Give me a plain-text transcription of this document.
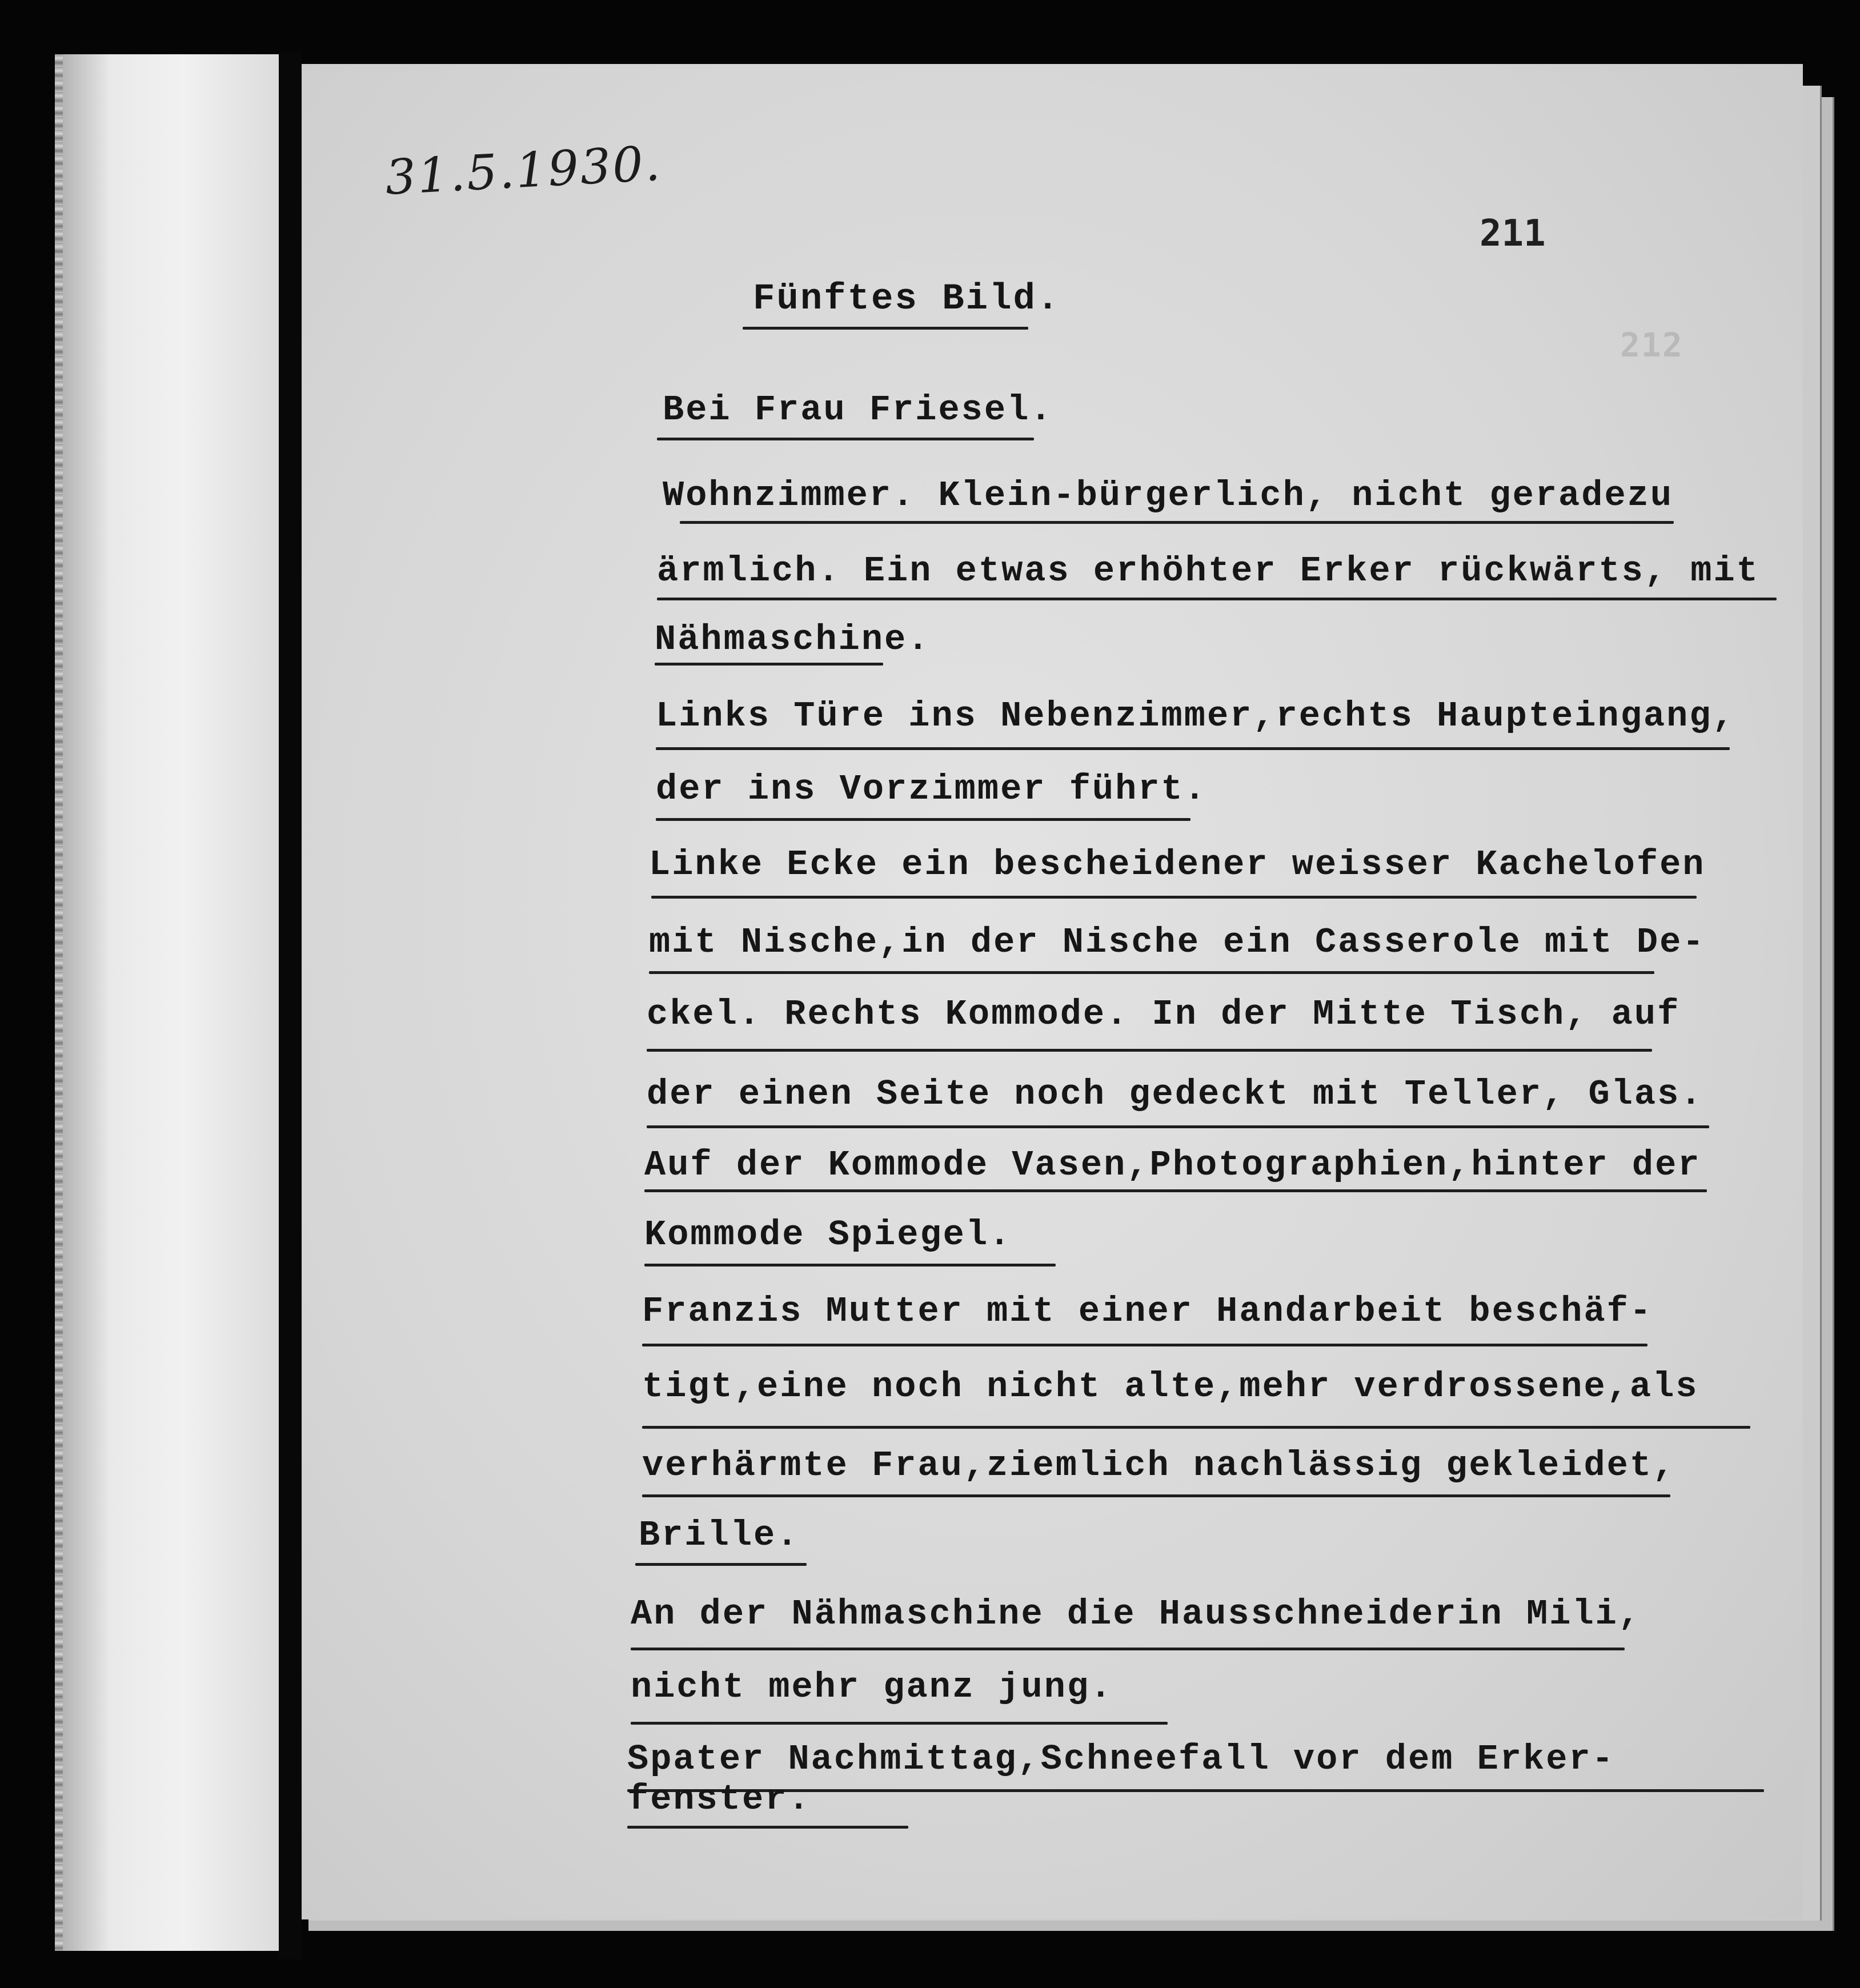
212
31.5.1930.
211
Fünftes Bild.
Bei Frau Friesel.
Wohnzimmer. Klein-bürgerlich, nicht geradezu
ärmlich. Ein etwas erhöhter Erker rückwärts, mit
Nähmaschine.
Links Türe ins Nebenzimmer,rechts Haupteingang,
der ins Vorzimmer führt.
Linke Ecke ein bescheidener weisser Kachelofen
mit Nische,in der Nische ein Casserole mit De-
ckel. Rechts Kommode. In der Mitte Tisch, auf
der einen Seite noch gedeckt mit Teller, Glas.
Auf der Kommode Vasen,Photographien,hinter der
Kommode Spiegel.
Franzis Mutter mit einer Handarbeit beschäf-
tigt,eine noch nicht alte,mehr verdrossene,als
verhärmte Frau,ziemlich nachlässig gekleidet,
Brille.
An der Nähmaschine die Hausschneiderin Mili,
nicht mehr ganz jung.
Spater Nachmittag,Schneefall vor dem Erker-
fenster.
